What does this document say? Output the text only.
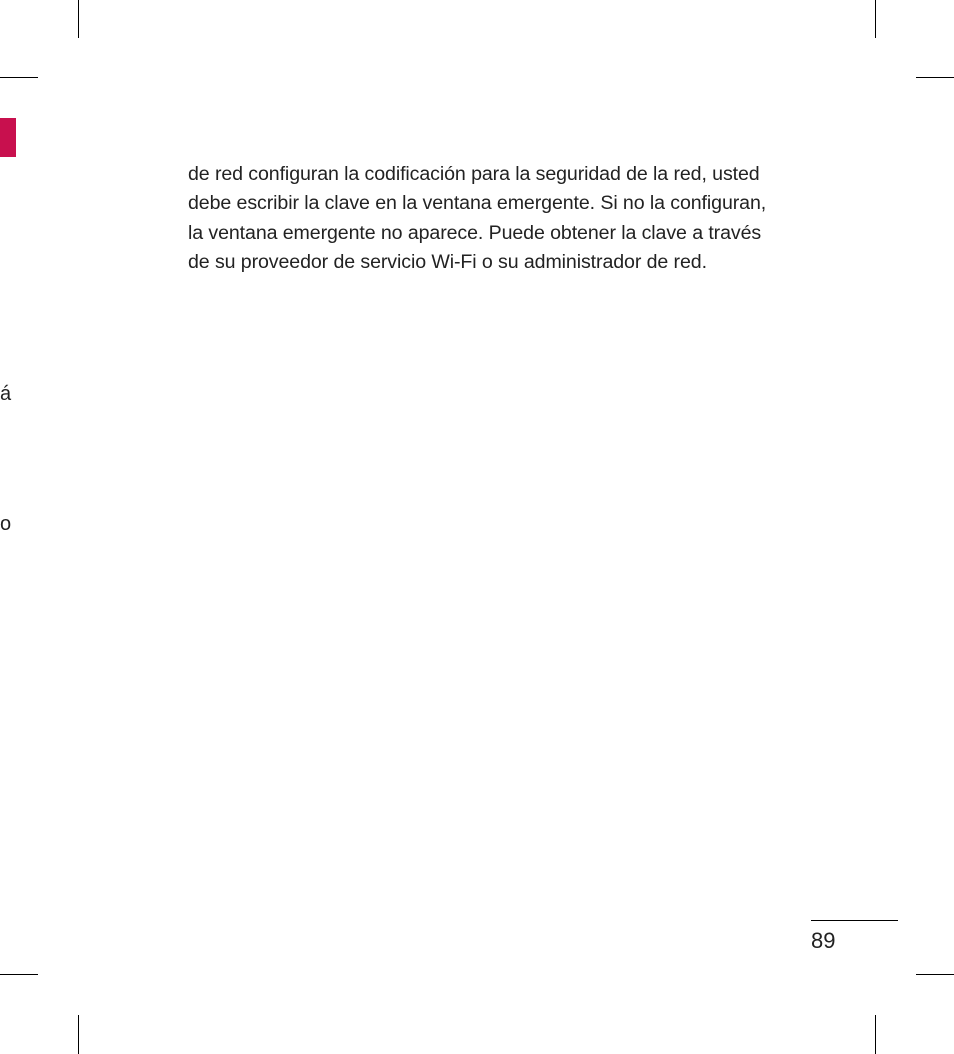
á
o

de red configuran la codificación para la seguridad de la red, usted
debe escribir la clave en la ventana emergente. Si no la configuran,
la ventana emergente no aparece. Puede obtener la clave a través
de su proveedor de servicio Wi-Fi o su administrador de red.

89
